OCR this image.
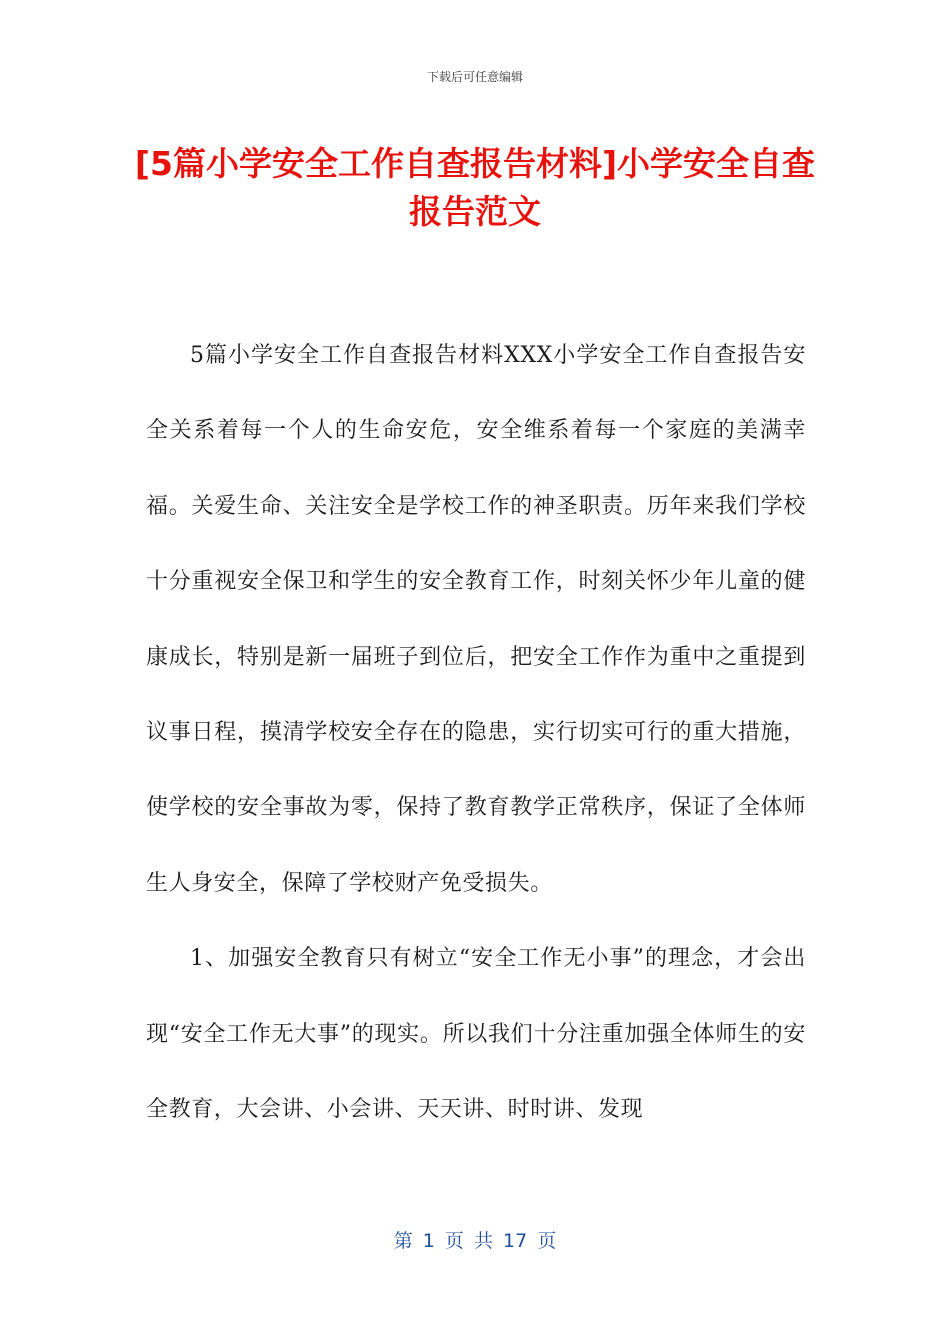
下载后可任意编辑
[5篇小学安全工作自查报告材料]小学安全自查报告范文

5篇小学安全工作自查报告材料XXX小学安全工作自查报告安全关系着每一个人的生命安危，安全维系着每一个家庭的美满幸福。关爱生命、关注安全是学校工作的神圣职责。历年来我们学校十分重视安全保卫和学生的安全教育工作，时刻关怀少年儿童的健康成长，特别是新一届班子到位后，把安全工作作为重中之重提到议事日程，摸清学校安全存在的隐患，实行切实可行的重大措施，使学校的安全事故为零，保持了教育教学正常秩序，保证了全体师生人身安全，保障了学校财产免受损失。

1、加强安全教育只有树立“安全工作无小事”的理念，才会出现“安全工作无大事”的现实。所以我们十分注重加强全体师生的安全教育，大会讲、小会讲、天天讲、时时讲、发现

第 1 页 共 17 页
